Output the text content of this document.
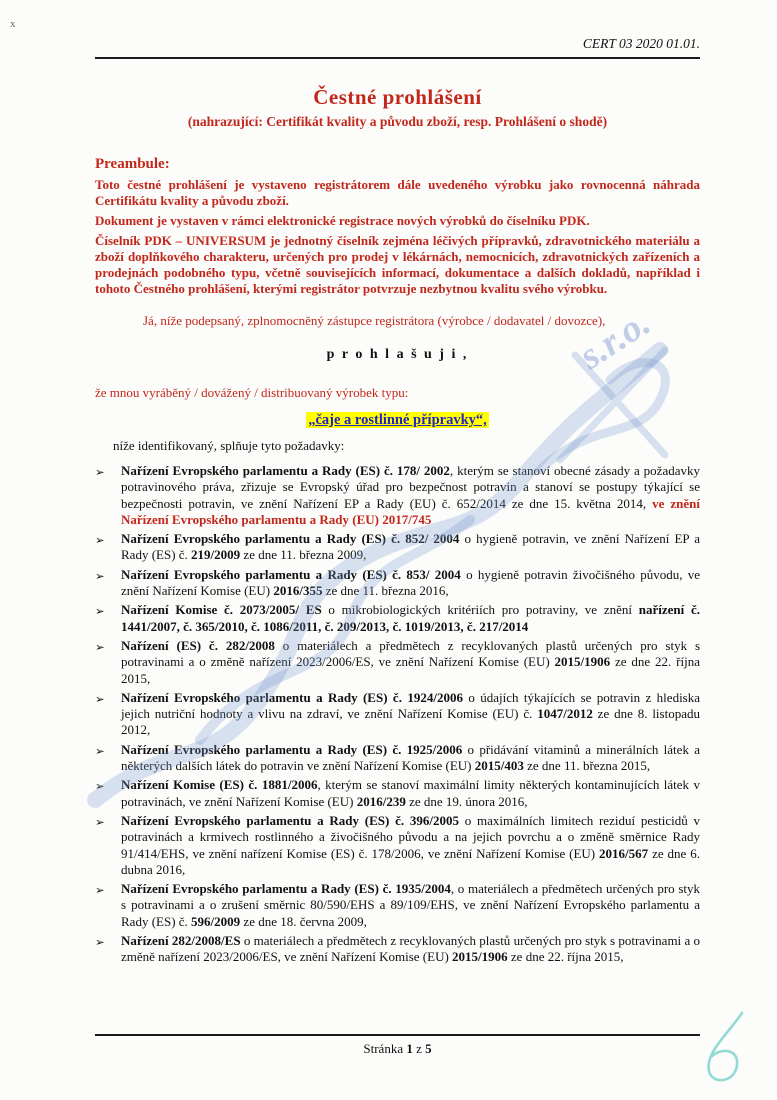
x
s.r.o.
CERT 03 2020 01.01.
Čestné prohlášení
(nahrazující: Certifikát kvality a původu zboží, resp. Prohlášení o shodě)
Preambule:

Toto čestné prohlášení je vystaveno registrátorem dále uvedeného výrobku jako rovnocenná náhrada Certifikátu kvality a původu zboží.

Dokument je vystaven v rámci elektronické registrace nových výrobků do číselníku PDK.

Číselník PDK – UNIVERSUM je jednotný číselník zejména léčivých přípravků, zdravotnického materiálu a zboží doplňkového charakteru, určených pro prodej v lékárnách, nemocnicích, zdravotnických zařízeních a prodejnách podobného typu, včetně souvisejících informací, dokumentace a dalších dokladů, například i tohoto Čestného prohlášení, kterými registrátor potvrzuje nezbytnou kvalitu svého výrobku.

Já, níže podepsaný, zplnomocněný zástupce registrátora (výrobce / dodavatel / dovozce),
p r o h l a š u j i ,
že mnou vyráběný / dovážený / distribuovaný výrobek typu:
„čaje a rostlinné přípravky“,
níže identifikovaný, splňuje tyto požadavky:
➢	Nařízení Evropského parlamentu a Rady (ES) č. 178/ 2002, kterým se stanoví obecné zásady a požadavky potravinového práva, zřizuje se Evropský úřad pro bezpečnost potravin a stanoví se postupy týkající se bezpečnosti potravin, ve znění Nařízení EP a Rady (EU) č. 652/2014 ze dne 15. května 2014, ve znění Nařízení Evropského parlamentu a Rady (EU) 2017/745
➢	Nařízení Evropského parlamentu a Rady (ES) č. 852/ 2004 o hygieně potravin, ve znění Nařízení EP a Rady (ES) č. 219/2009 ze dne 11. března 2009,
➢	Nařízení Evropského parlamentu a Rady (ES) č. 853/ 2004 o hygieně potravin živočišného původu, ve znění Nařízení Komise (EU) 2016/355 ze dne 11. března 2016,
➢	Nařízení Komise č. 2073/2005/ ES o mikrobiologických kritériích pro potraviny, ve znění nařízení č. 1441/2007, č. 365/2010, č. 1086/2011, č. 209/2013, č. 1019/2013, č. 217/2014
➢	Nařízení (ES) č. 282/2008 o materiálech a předmětech z recyklovaných plastů určených pro styk s potravinami a o změně nařízení 2023/2006/ES, ve znění Nařízení Komise (EU) 2015/1906 ze dne 22. října 2015,
➢	Nařízení Evropského parlamentu a Rady (ES) č. 1924/2006 o údajích týkajících se potravin z hlediska jejich nutriční hodnoty a vlivu na zdraví, ve znění Nařízení Komise (EU) č. 1047/2012 ze dne 8. listopadu 2012,
➢	Nařízení Evropského parlamentu a Rady (ES) č. 1925/2006 o přidávání vitaminů a minerálních látek a některých dalších látek do potravin ve znění Nařízení Komise (EU) 2015/403 ze dne 11. března 2015,
➢	Nařízení Komise (ES) č. 1881/2006, kterým se stanoví maximální limity některých kontaminujících látek v potravinách, ve znění Nařízení Komise (EU) 2016/239 ze dne 19. února 2016,
➢	Nařízení Evropského parlamentu a Rady (ES) č. 396/2005 o maximálních limitech reziduí pesticidů v potravinách a krmivech rostlinného a živočišného původu a na jejich povrchu a o změně směrnice Rady 91/414/EHS, ve znění nařízení Komise (ES) č. 178/2006, ve znění Nařízení Komise (EU) 2016/567 ze dne 6. dubna 2016,
➢	Nařízení Evropského parlamentu a Rady (ES) č. 1935/2004, o materiálech a předmětech určených pro styk s potravinami a o zrušení směrnic 80/590/EHS a 89/109/EHS, ve znění Nařízení Evropského parlamentu a Rady (ES) č. 596/2009 ze dne 18. června 2009,
➢	Nařízení 282/2008/ES o materiálech a předmětech z recyklovaných plastů určených pro styk s potravinami a o změně nařízení 2023/2006/ES, ve znění Nařízení Komise (EU) 2015/1906 ze dne 22. října 2015,
Stránka 1 z 5
